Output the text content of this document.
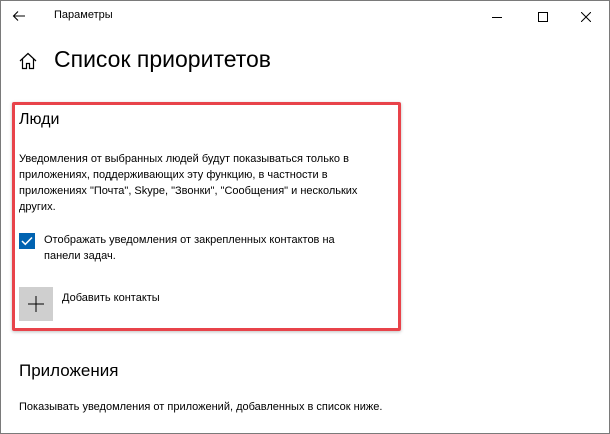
Параметры
Список приоритетов
Люди

Уведомления от выбранных людей будут показываться только в приложениях, поддерживающих эту функцию, в частности в приложениях "Почта", Skype, "Звонки", "Сообщения" и нескольких других.

Отображать уведомления от закрепленных контактов на панели задач.
Добавить контакты
Приложения

Показывать уведомления от приложений, добавленных в список ниже.
